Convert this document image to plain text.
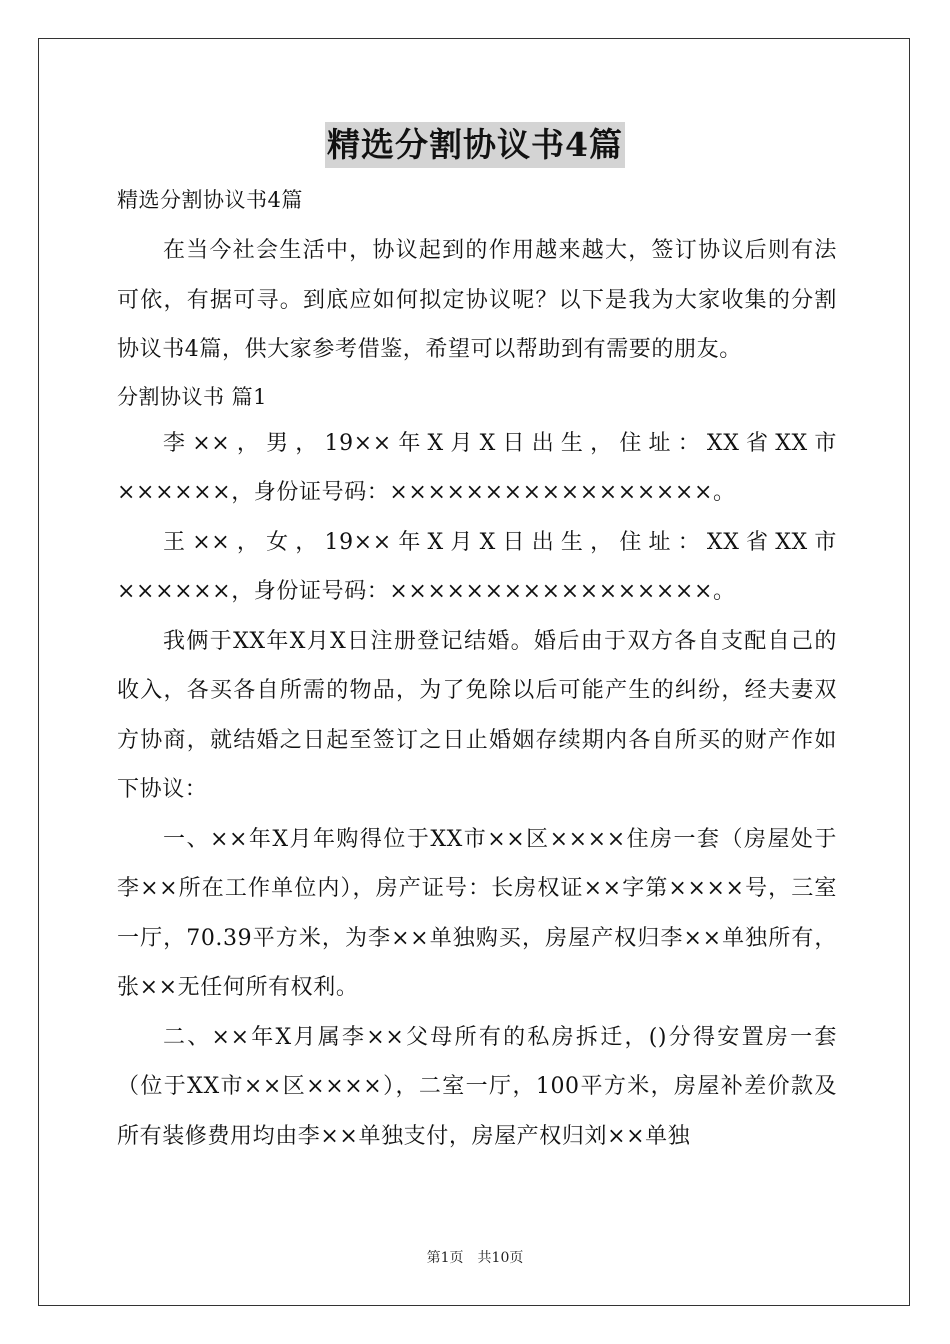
精选分割协议书4篇

精选分割协议书4篇

在当今社会生活中，协议起到的作用越来越大，签订协议后则有法可依，有据可寻。到底应如何拟定协议呢？以下是我为大家收集的分割协议书4篇，供大家参考借鉴，希望可以帮助到有需要的朋友。

分割协议书 篇1

李××，男，19××年X月X日出生，住址：XX省XX市××××××，身份证号码：×××××××××××××××××。

王××，女，19××年X月X日出生，住址：XX省XX市××××××，身份证号码：×××××××××××××××××。

我俩于XX年X月X日注册登记结婚。婚后由于双方各自支配自己的收入，各买各自所需的物品，为了免除以后可能产生的纠纷，经夫妻双方协商，就结婚之日起至签订之日止婚姻存续期内各自所买的财产作如下协议：

一、××年X月年购得位于XX市××区××××住房一套（房屋处于李××所在工作单位内），房产证号：长房权证××字第××××号，三室一厅，70.39平方米，为李××单独购买，房屋产权归李××单独所有，张××无任何所有权利。

二、××年X月属李××父母所有的私房拆迁，()分得安置房一套（位于XX市××区××××），二室一厅，100平方米，房屋补差价款及所有装修费用均由李××单独支付，房屋产权归刘××单独

第1页 共10页
